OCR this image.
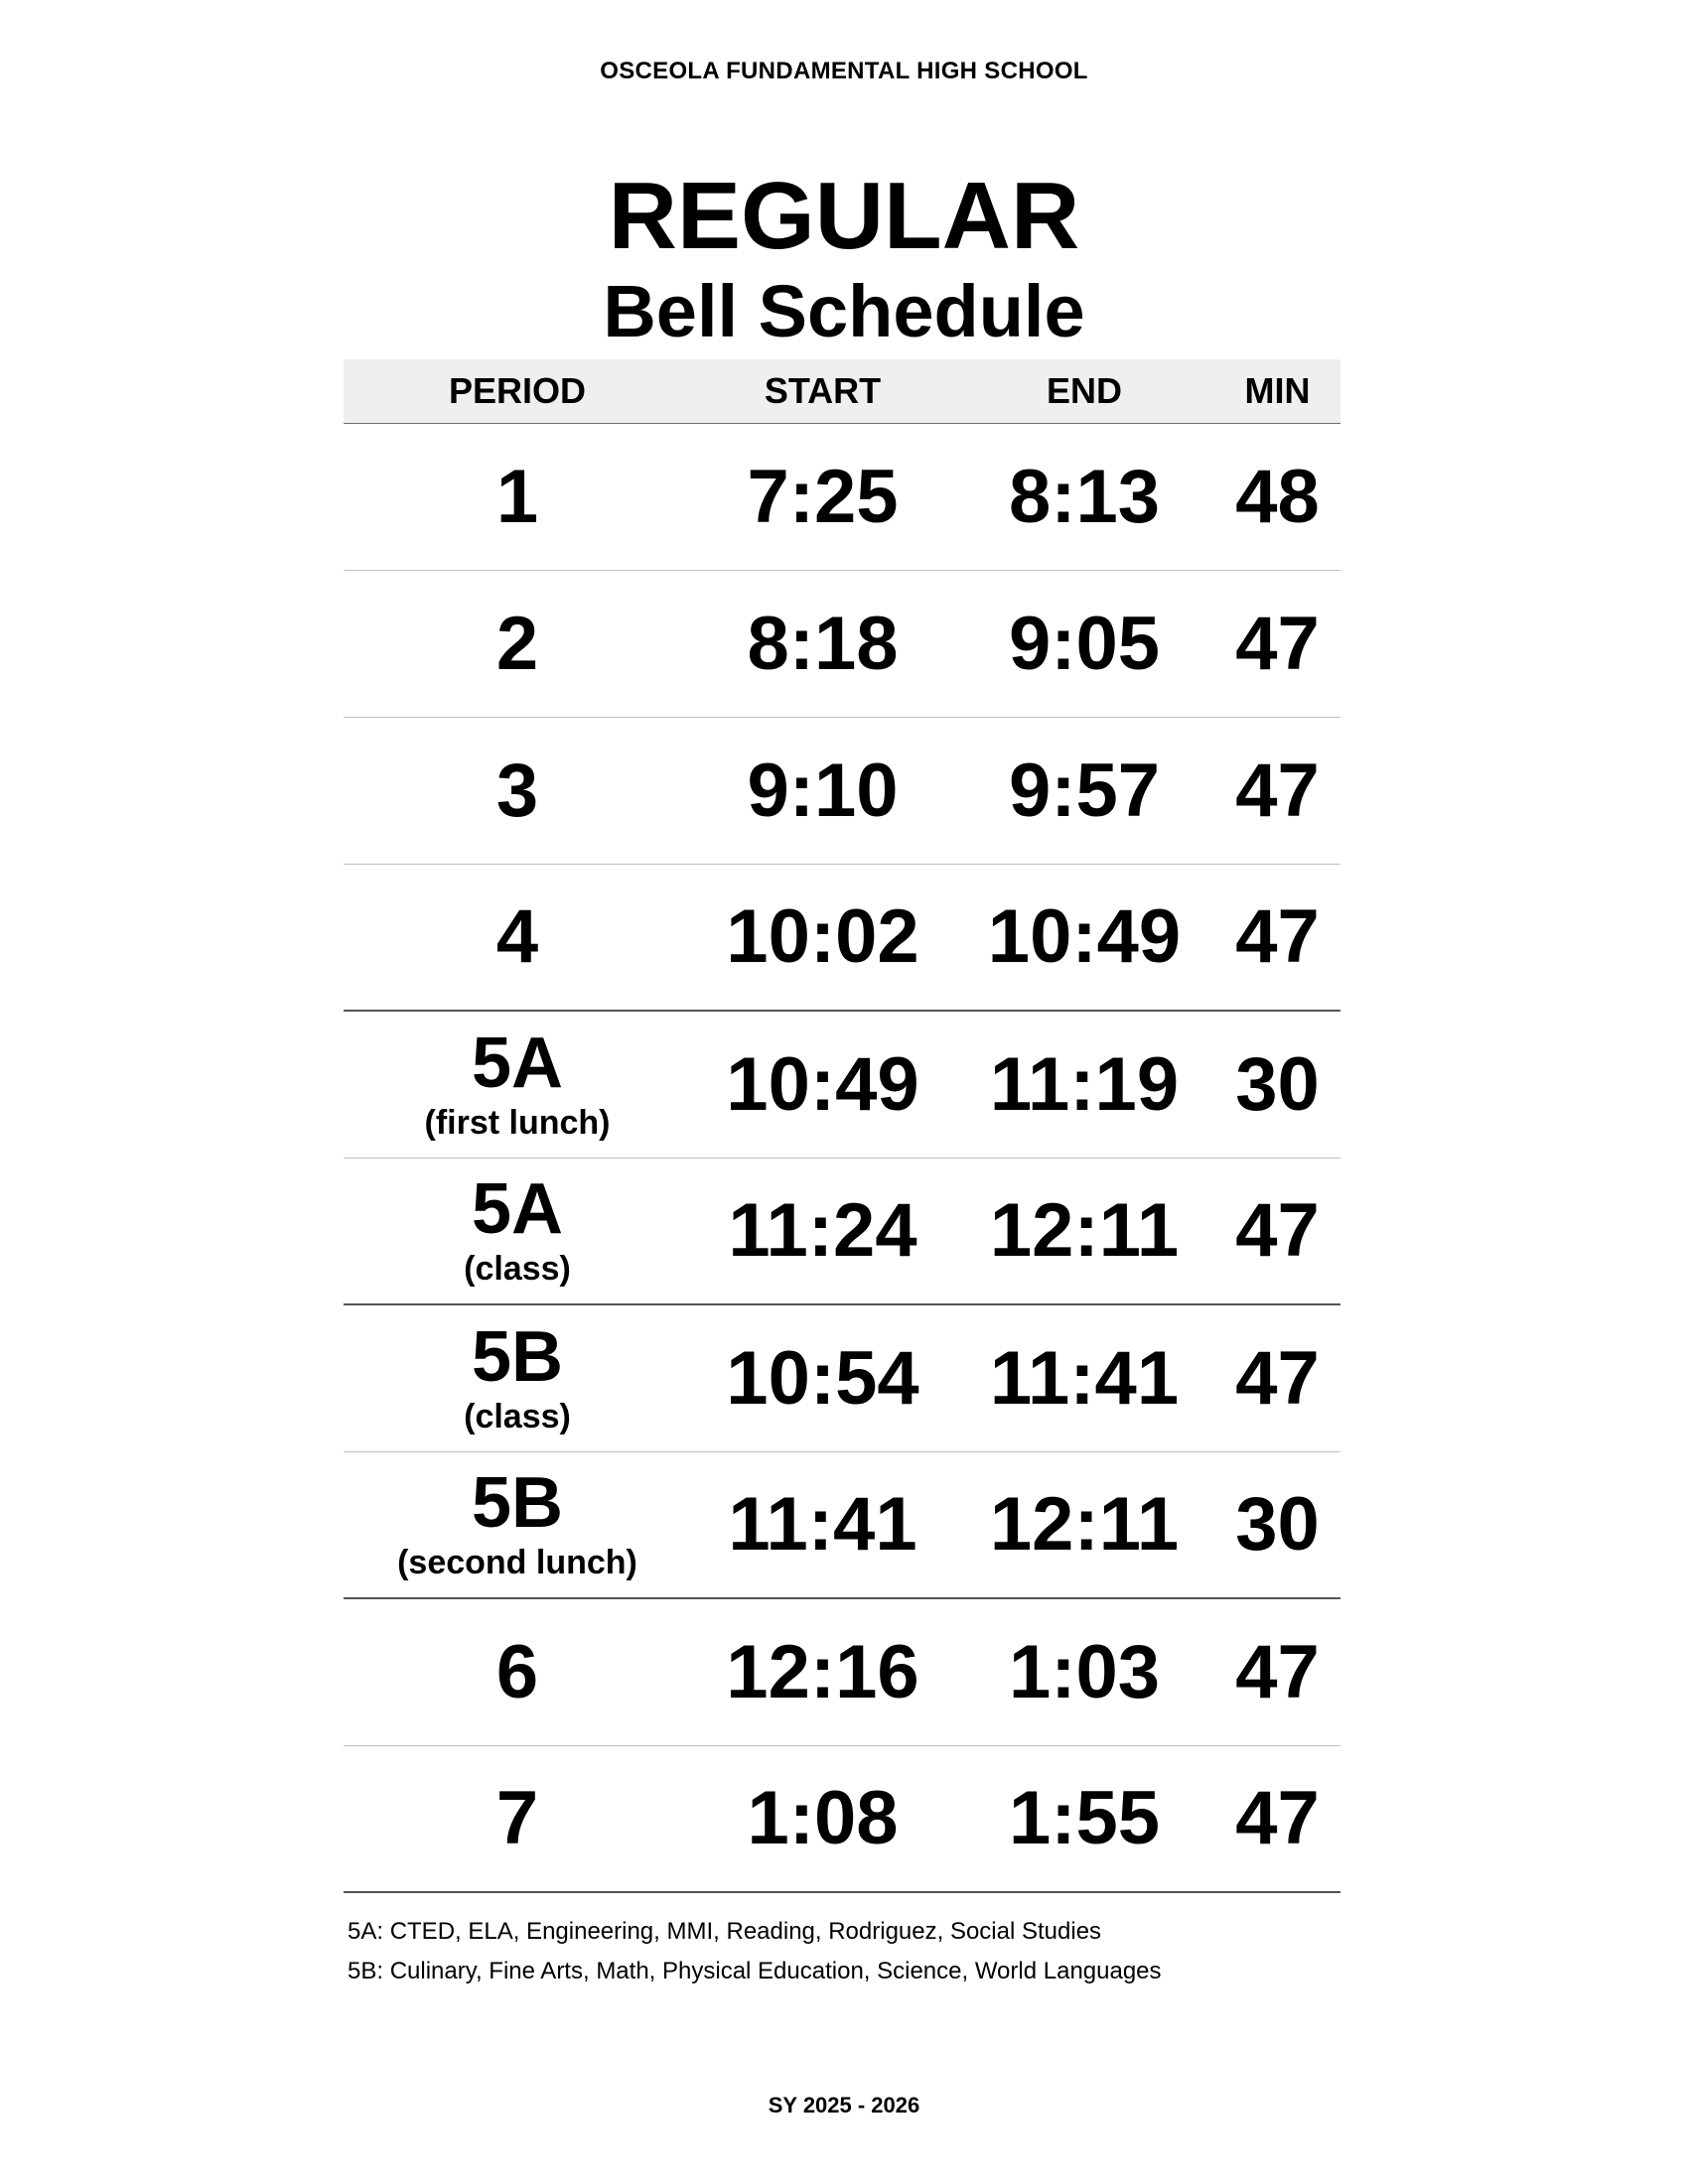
OSCEOLA FUNDAMENTAL HIGH SCHOOL
REGULAR
Bell Schedule
PERIOD	START	END	MIN
1	7:25	8:13	48
2	8:18	9:05	47
3	9:10	9:57	47
4	10:02 10:49 47
5A
(first lunch)	10:49 11:19 30
5A
(class)	11:24 12:11 47
5B
(class)	10:54 11:41 47
5B
(second lunch)	11:41 12:11 30
6	12:16	1:03	47
7	1:08	1:55	47
5A: CTED, ELA, Engineering, MMI, Reading, Rodriguez, Social Studies
5B: Culinary, Fine Arts, Math, Physical Education, Science, World Languages
SY 2025 - 2026
